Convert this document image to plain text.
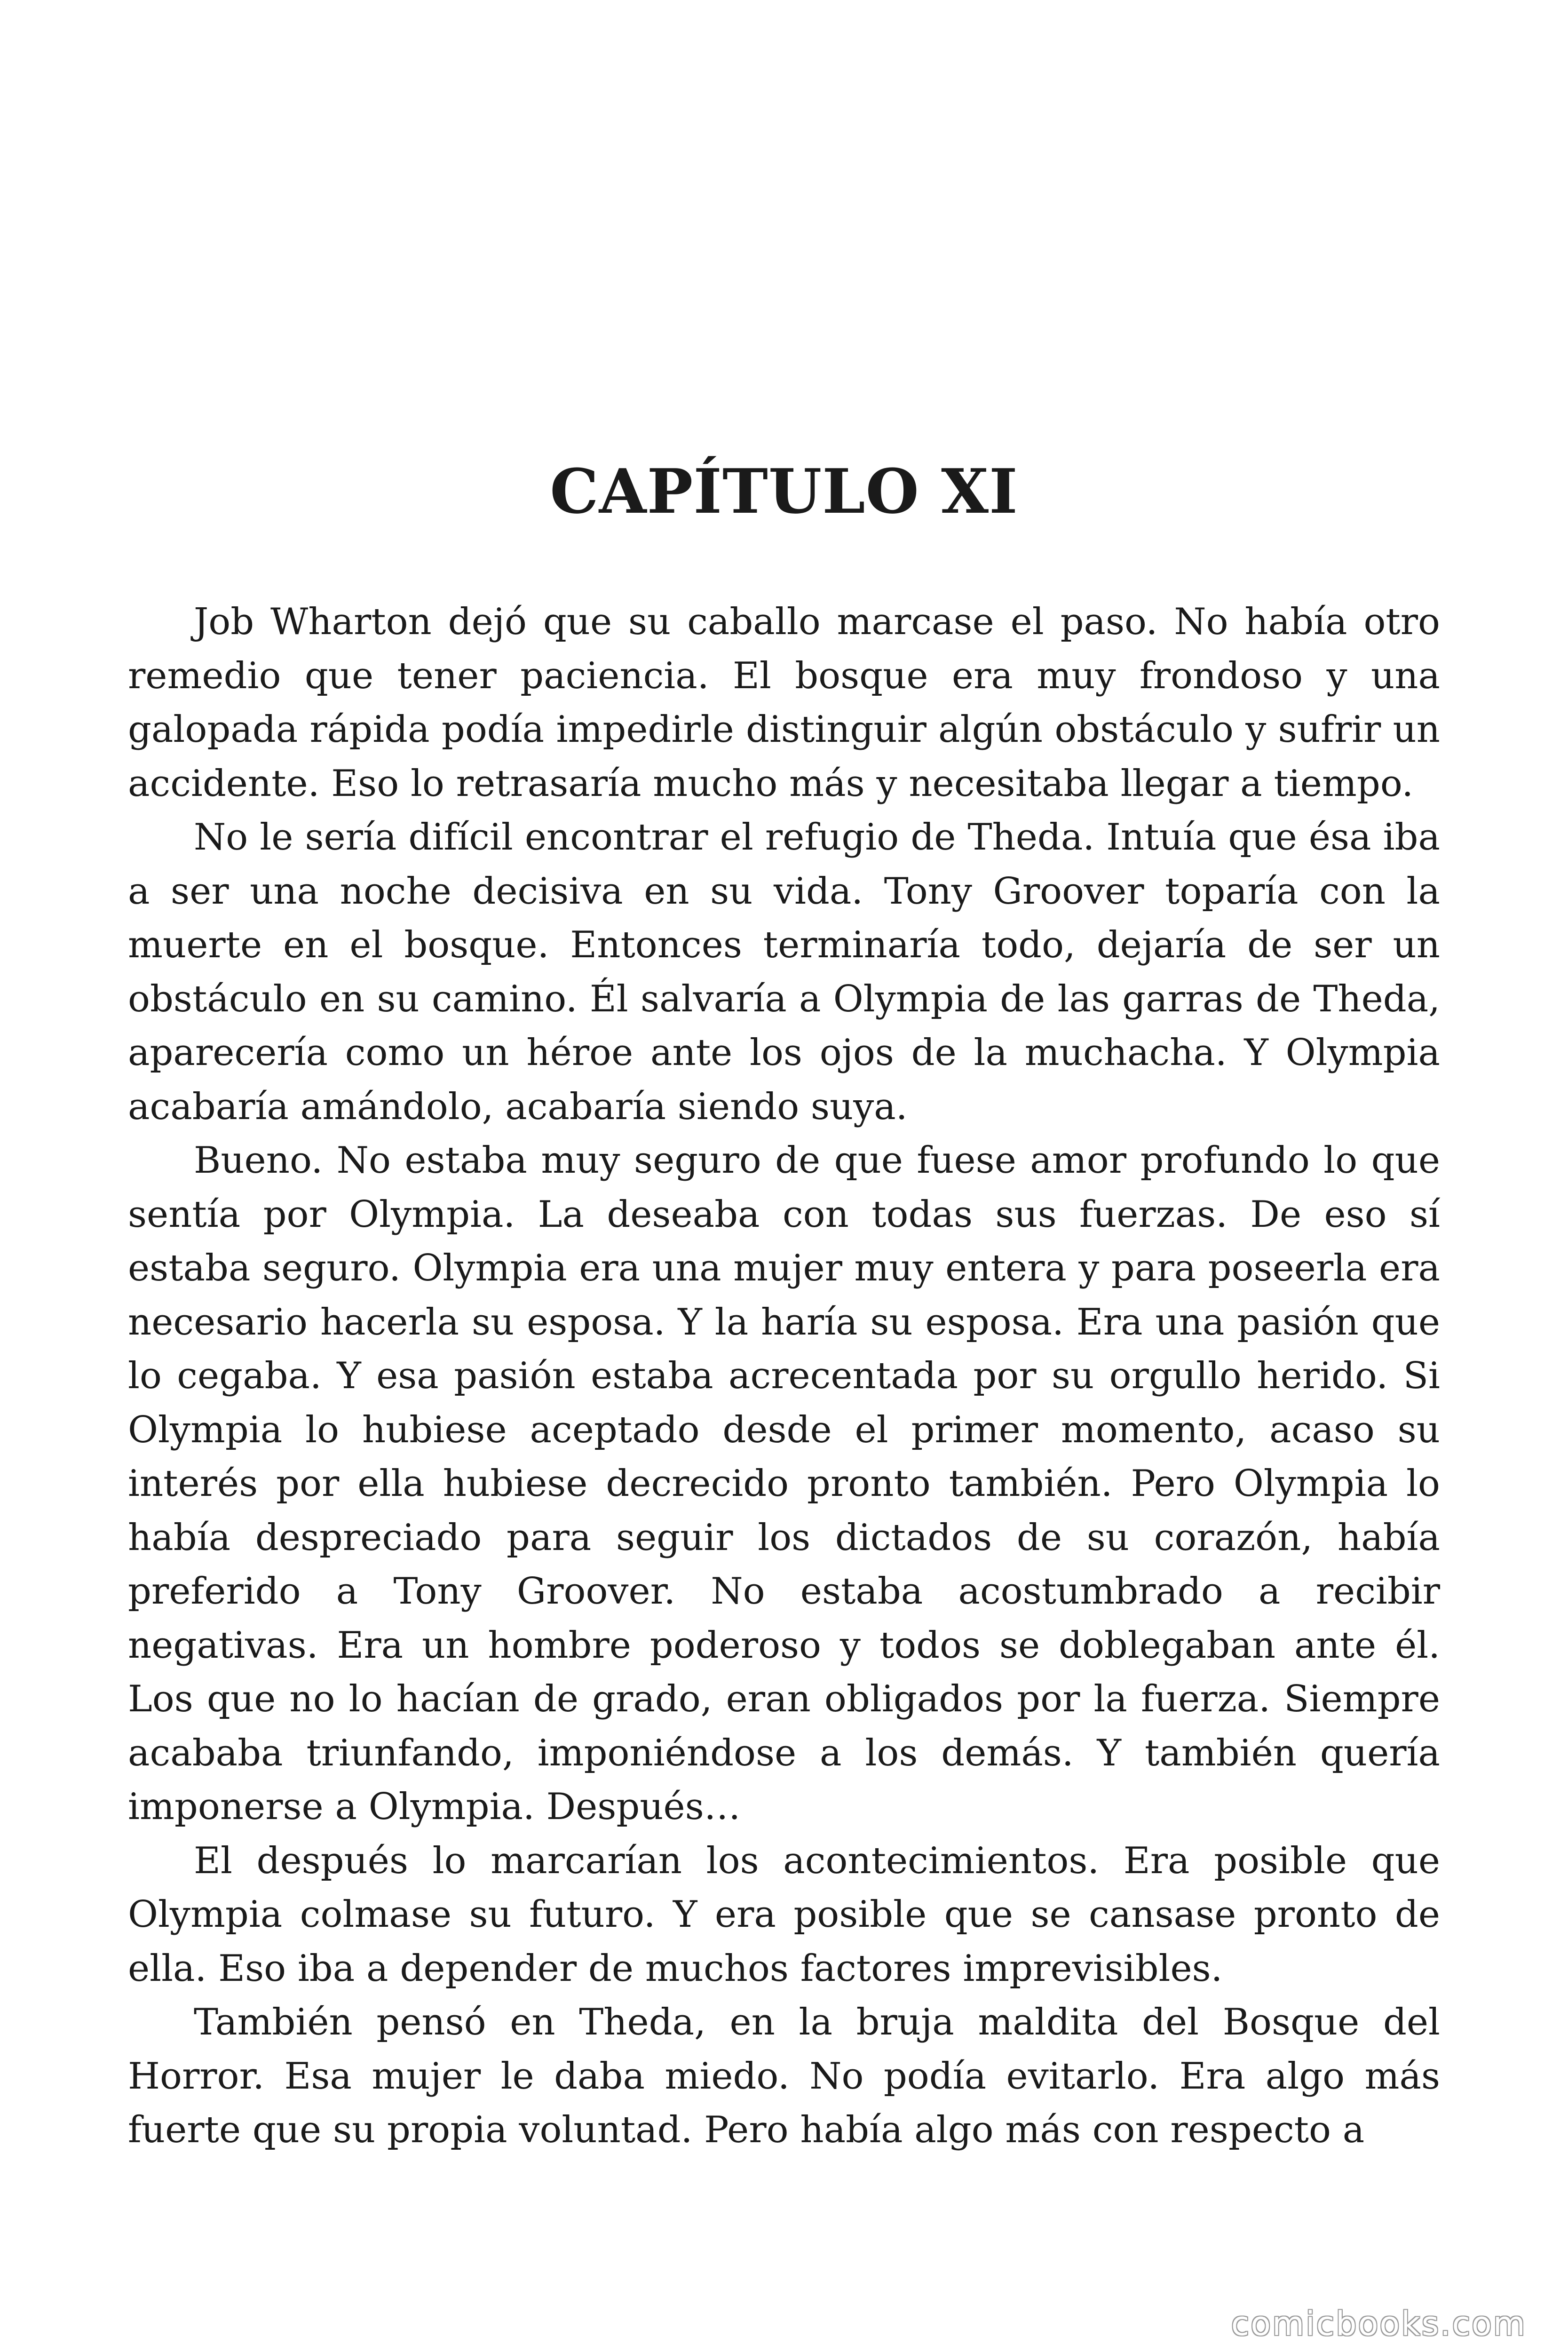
CAPÍTULO XI

Job Wharton dejó que su caballo marcase el paso. No había otro remedio que tener paciencia. El bosque era muy frondoso y una galopada rápida podía impedirle distinguir algún obstáculo y sufrir un accidente. Eso lo retrasaría mucho más y necesitaba llegar a tiempo.

No le sería difícil encontrar el refugio de Theda. Intuía que ésa iba a ser una noche decisiva en su vida. Tony Groover toparía con la muerte en el bosque. Entonces terminaría todo, dejaría de ser un obstáculo en su camino. Él salvaría a Olympia de las garras de Theda, aparecería como un héroe ante los ojos de la muchacha. Y Olympia acabaría amándolo, acabaría siendo suya.

Bueno. No estaba muy seguro de que fuese amor profundo lo que sentía por Olympia. La deseaba con todas sus fuerzas. De eso sí estaba seguro. Olympia era una mujer muy entera y para poseerla era necesario hacerla su esposa. Y la haría su esposa. Era una pasión que lo cegaba. Y esa pasión estaba acrecentada por su orgullo herido. Si Olympia lo hubiese aceptado desde el primer momento, acaso su interés por ella hubiese decrecido pronto también. Pero Olympia lo había despreciado para seguir los dictados de su corazón, había preferido a Tony Groover. No estaba acostumbrado a recibir negativas. Era un hombre poderoso y todos se doblegaban ante él. Los que no lo hacían de grado, eran obligados por la fuerza. Siempre acababa triunfando, imponiéndose a los demás. Y también quería imponerse a Olympia. Después…

El después lo marcarían los acontecimientos. Era posible que Olympia colmase su futuro. Y era posible que se cansase pronto de ella. Eso iba a depender de muchos factores imprevisibles.

También pensó en Theda, en la bruja maldita del Bosque del Horror. Esa mujer le daba miedo. No podía evitarlo. Era algo más fuerte que su propia voluntad. Pero había algo más con respecto a

comicbooks.com
